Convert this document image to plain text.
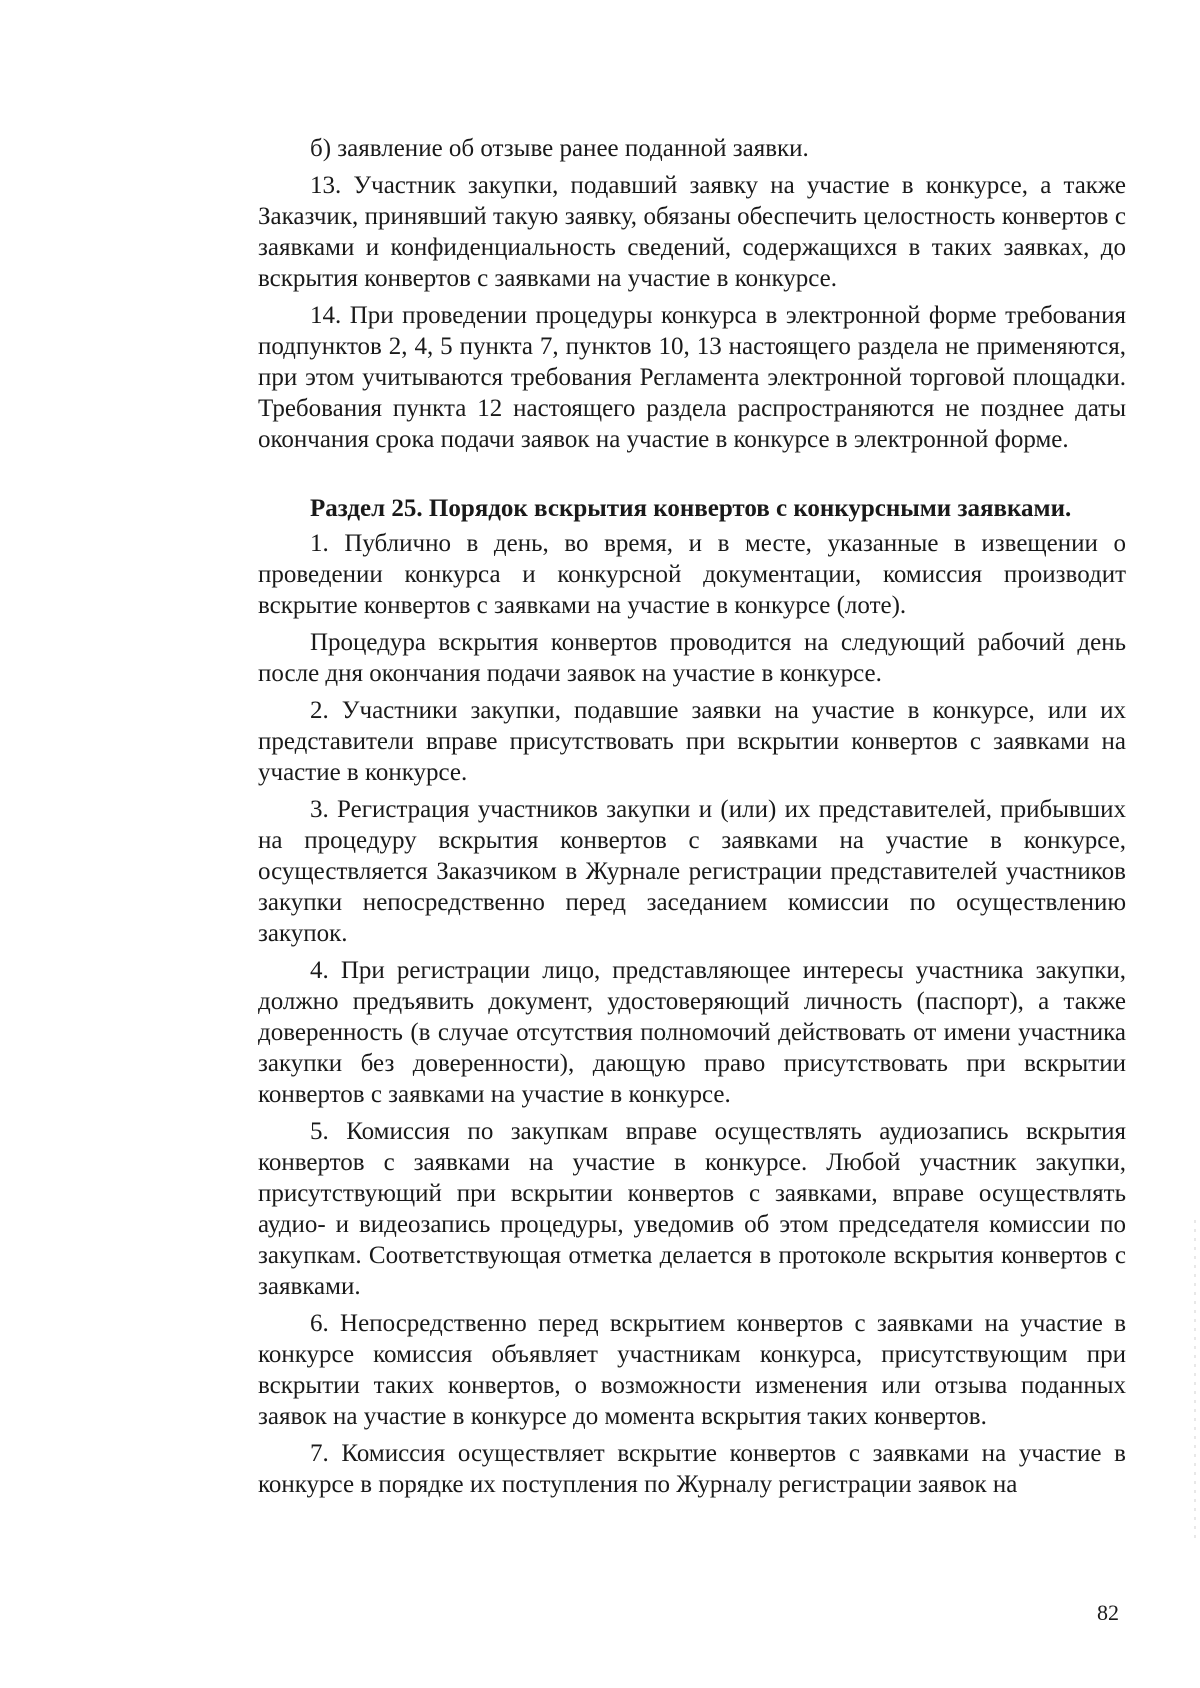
б) заявление об отзыве ранее поданной заявки.

13. Участник закупки, подавший заявку на участие в конкурсе, а также Заказчик, принявший такую заявку, обязаны обеспечить целостность конвертов с заявками и конфиденциальность сведений, содержащихся в таких заявках, до вскрытия конвертов с заявками на участие в конкурсе.

14. При проведении процедуры конкурса в электронной форме требования подпунктов 2, 4, 5 пункта 7, пунктов 10, 13 настоящего раздела не применяются, при этом учитываются требования Регламента электронной торговой площадки. Требования пункта 12 настоящего раздела распространяются не позднее даты окончания срока подачи заявок на участие в конкурсе в электронной форме.

Раздел 25. Порядок вскрытия конвертов с конкурсными заявками.

1. Публично в день, во время, и в месте, указанные в извещении о проведении конкурса и конкурсной документации, комиссия производит вскрытие конвертов с заявками на участие в конкурсе (лоте).

Процедура вскрытия конвертов проводится на следующий рабочий день после дня окончания подачи заявок на участие в конкурсе.

2. Участники закупки, подавшие заявки на участие в конкурсе, или их представители вправе присутствовать при вскрытии конвертов с заявками на участие в конкурсе.

3. Регистрация участников закупки и (или) их представителей, прибывших на процедуру вскрытия конвертов с заявками на участие в конкурсе, осуществляется Заказчиком в Журнале регистрации представителей участников закупки непосредственно перед заседанием комиссии по осуществлению закупок.

4. При регистрации лицо, представляющее интересы участника закупки, должно предъявить документ, удостоверяющий личность (паспорт), а также доверенность (в случае отсутствия полномочий действовать от имени участника закупки без доверенности), дающую право присутствовать при вскрытии конвертов с заявками на участие в конкурсе.

5. Комиссия по закупкам вправе осуществлять аудиозапись вскрытия конвертов с заявками на участие в конкурсе. Любой участник закупки, присутствующий при вскрытии конвертов с заявками, вправе осуществлять аудио- и видеозапись процедуры, уведомив об этом председателя комиссии по закупкам. Соответствующая отметка делается в протоколе вскрытия конвертов с заявками.

6. Непосредственно перед вскрытием конвертов с заявками на участие в конкурсе комиссия объявляет участникам конкурса, присутствующим при вскрытии таких конвертов, о возможности изменения или отзыва поданных заявок на участие в конкурсе до момента вскрытия таких конвертов.

7. Комиссия осуществляет вскрытие конвертов с заявками на участие в конкурсе в порядке их поступления по Журналу регистрации заявок на

82
